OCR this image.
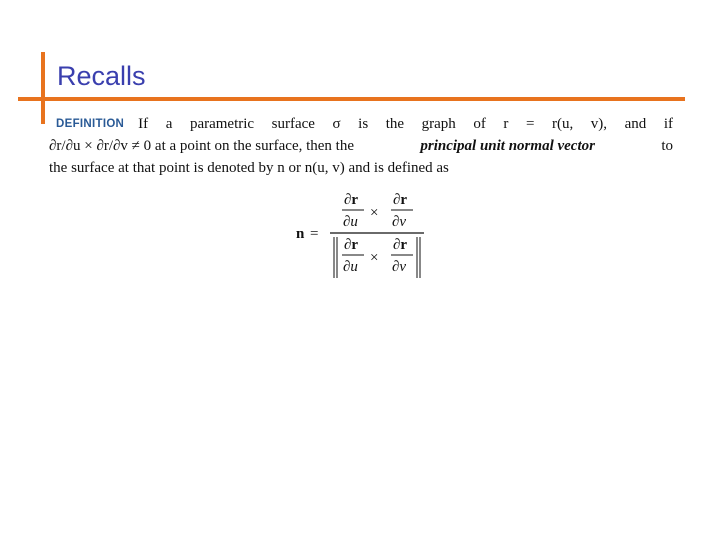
Recalls
DEFINITION If a parametric surface σ is the graph of r = r(u, v), and if
∂r/∂u × ∂r/∂v ≠ 0 at a point on the surface, then the	principal unit normal vector	to
the surface at that point is denoted by n or n(u, v) and is defined as
n =
∂r
∂u
×
∂r
∂v
∂r
∂u
×
∂r
∂v
